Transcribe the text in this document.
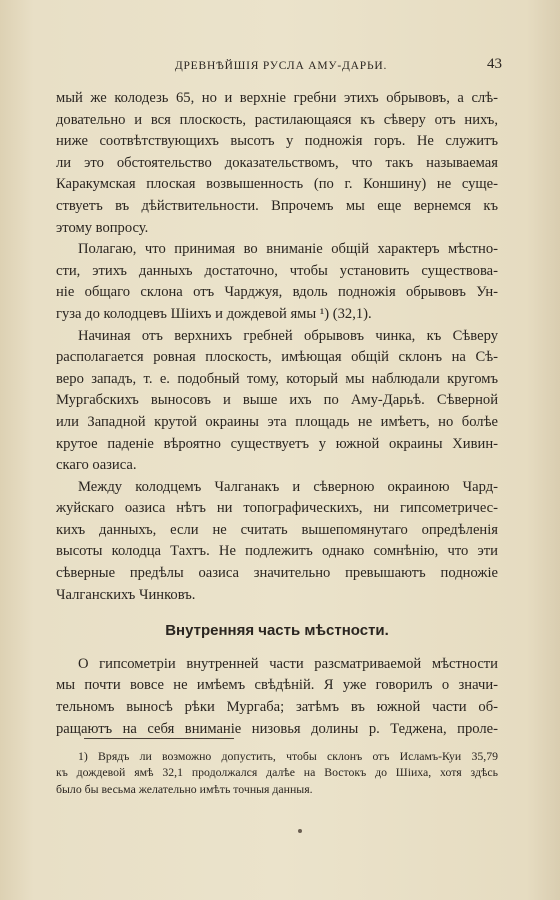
ДРЕВНѢЙШІЯ РУСЛА АМУ-ДАРЬИ.	43

мый же колодезь 65, но и верхніе гребни этихъ обрывовъ, а слѣ-
довательно и вся плоскость, растилающаяся къ сѣверу отъ нихъ,
ниже соотвѣтствующихъ высотъ у подножія горъ. Не служитъ
ли это обстоятельство доказательствомъ, что такъ называемая
Каракумская плоская возвышенность (по г. Коншину) не суще-
ствуетъ въ дѣйствительности. Впрочемъ мы еще вернемся къ
этому вопросу.

Полагаю, что принимая во вниманіе общій характеръ мѣстно-
сти, этихъ данныхъ достаточно, чтобы установить существова-
ніе общаго склона отъ Чарджуя, вдоль подножія обрывовъ Ун-
гуза до колодцевъ Шіихъ и дождевой ямы ¹) (32,1).

Начиная отъ верхнихъ гребней обрывовъ чинка, къ Сѣверу
располагается ровная плоскость, имѣющая общій склонъ на Сѣ-
веро западъ, т. е. подобный тому, который мы наблюдали кругомъ
Мургабскихъ выносовъ и выше ихъ по Аму-Дарьѣ. Сѣверной
или Западной крутой окраины эта площадь не имѣетъ, но болѣе
крутое паденіе вѣроятно существуетъ у южной окраины Хивин-
скаго оазиса.

Между колодцемъ Чалганакъ и сѣверною окраиною Чард-
жуйскаго оазиса нѣтъ ни топографическихъ, ни гипсометричес-
кихъ данныхъ, если не считать вышепомянутаго опредѣленія
высоты колодца Тахтъ. Не подлежитъ однако сомнѣнію, что эти
сѣверные предѣлы оазиса значительно превышаютъ подножіе
Чалганскихъ Чинковъ.

Внутренняя часть мѣстности.

О гипсометріи внутренней части разсматриваемой мѣстности
мы почти вовсе не имѣемъ свѣдѣній. Я уже говорилъ о значи-
тельномъ выносѣ рѣки Мургаба; затѣмъ въ южной части об-
ращаютъ на себя вниманіе низовья долины р. Теджена, проле-

1) Врядъ ли возможно допустить, чтобы склонъ отъ Исламъ-Куи 35,79
къ дождевой ямѣ 32,1 продолжался далѣе на Востокъ до Шіиха, хотя здѣсь
было бы весьма желательно имѣть точныя данныя.
